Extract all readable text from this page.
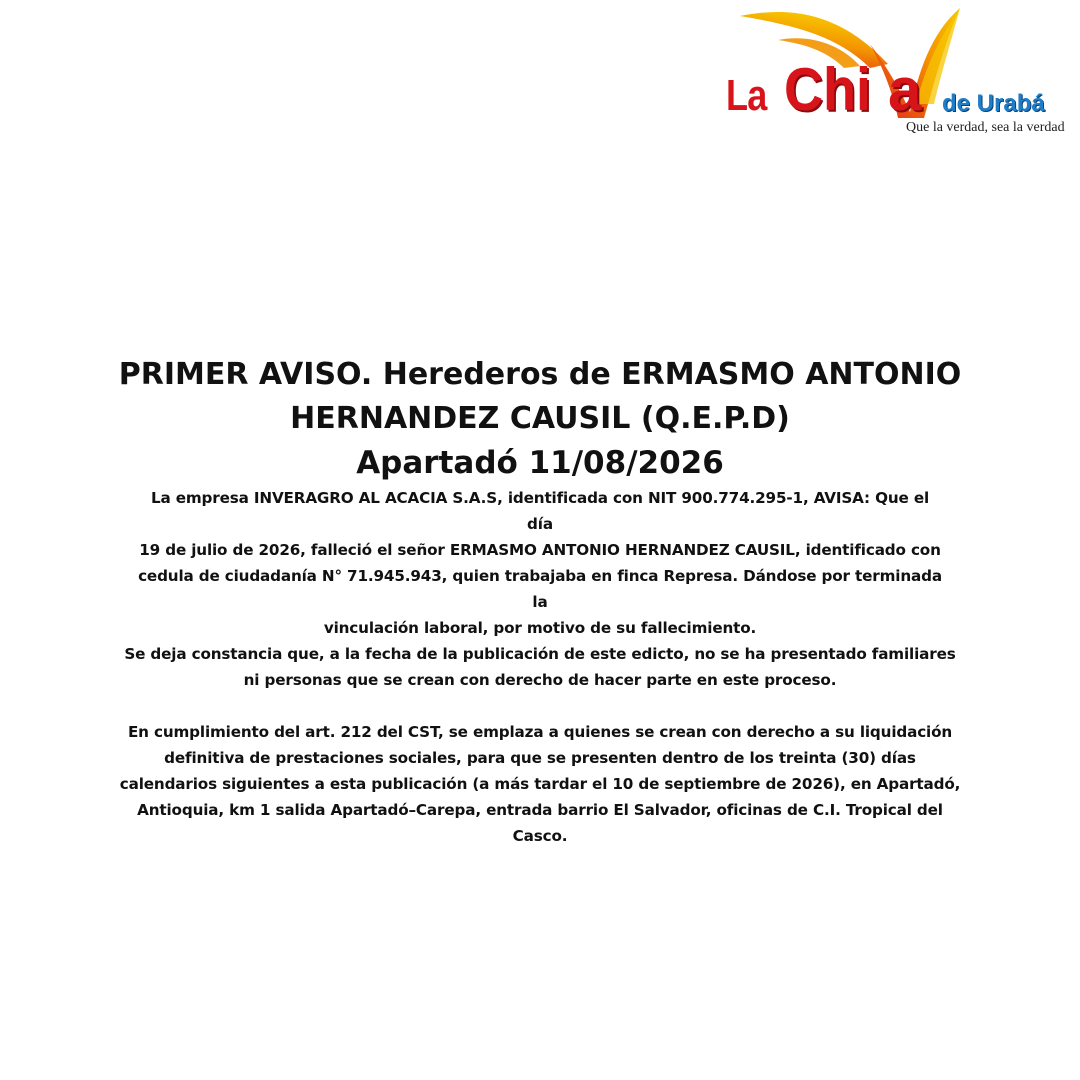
La Chi a de Urabá
Que la verdad, sea la verdad
PRIMER AVISO. Herederos de ERMASMO ANTONIO
HERNANDEZ CAUSIL (Q.E.P.D)
Apartadó 11/08/2026
La empresa INVERAGRO AL ACACIA S.A.S, identificada con NIT 900.774.295-1, AVISA: Que el
día
19 de julio de 2026, falleció el señor ERMASMO ANTONIO HERNANDEZ CAUSIL, identificado con
cedula de ciudadanía N° 71.945.943, quien trabajaba en finca Represa. Dándose por terminada
la
vinculación laboral, por motivo de su fallecimiento.
Se deja constancia que, a la fecha de la publicación de este edicto, no se ha presentado familiares
ni personas que se crean con derecho de hacer parte en este proceso.
En cumplimiento del art. 212 del CST, se emplaza a quienes se crean con derecho a su liquidación
definitiva de prestaciones sociales, para que se presenten dentro de los treinta (30) días
calendarios siguientes a esta publicación (a más tardar el 10 de septiembre de 2026), en Apartadó,
Antioquia, km 1 salida Apartadó–Carepa, entrada barrio El Salvador, oficinas de C.I. Tropical del
Casco.
